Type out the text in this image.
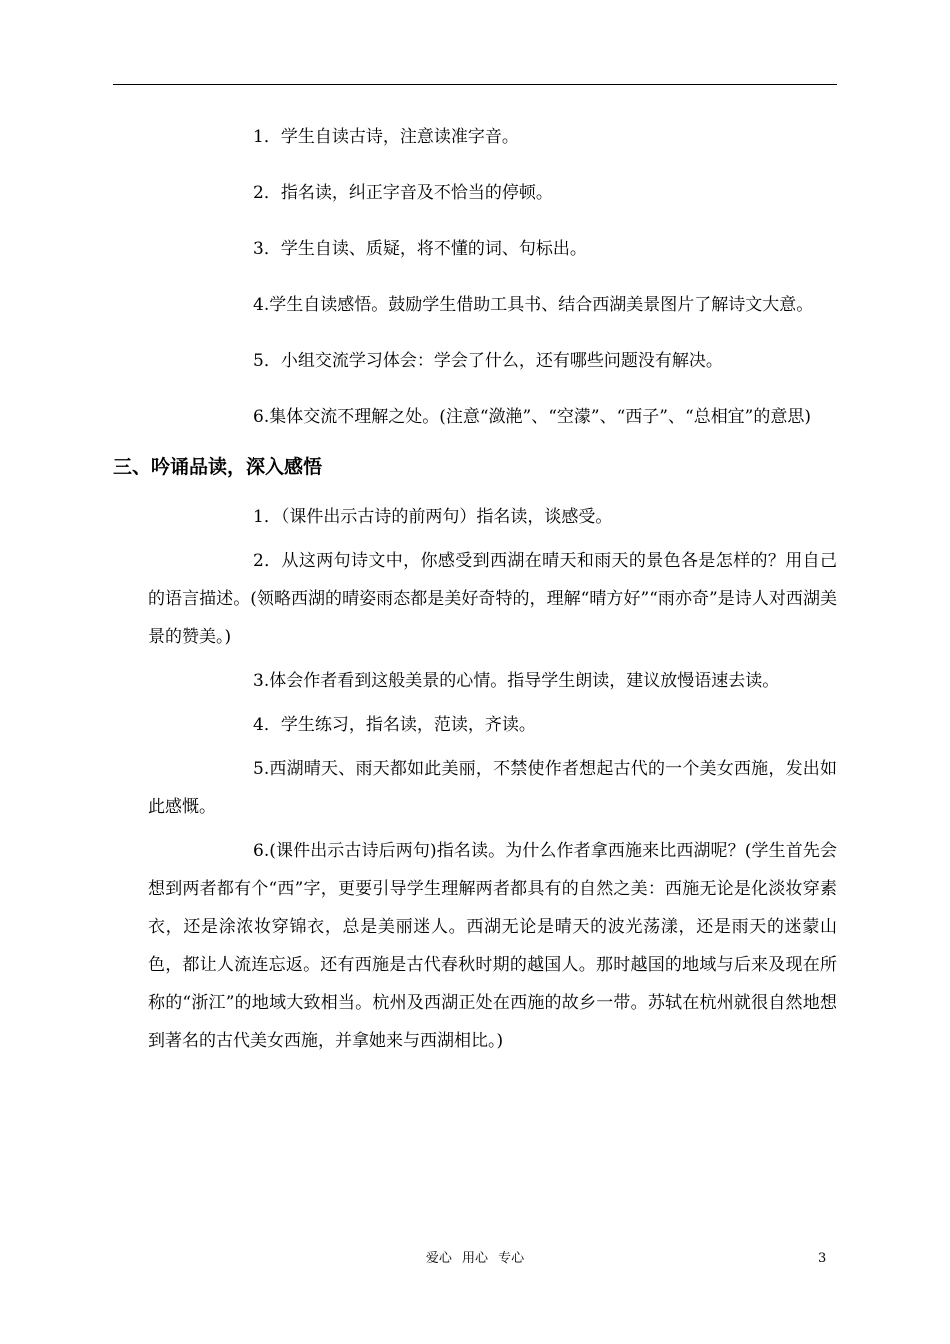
1．学生自读古诗，注意读准字音。

2．指名读，纠正字音及不恰当的停顿。

3．学生自读、质疑，将不懂的词、句标出。

4.学生自读感悟。鼓励学生借助工具书、结合西湖美景图片了解诗文大意。

5．小组交流学习体会：学会了什么，还有哪些问题没有解决。

6.集体交流不理解之处。(注意“潋滟”、“空濛”、“西子”、“总相宜”的意思)

三、吟诵品读，深入感悟

1．（课件出示古诗的前两句）指名读，谈感受。

2．从这两句诗文中，你感受到西湖在晴天和雨天的景色各是怎样的？用自己的语言描述。(领略西湖的晴姿雨态都是美好奇特的，理解“晴方好”“雨亦奇”是诗人对西湖美景的赞美。)

3.体会作者看到这般美景的心情。指导学生朗读，建议放慢语速去读。

4．学生练习，指名读，范读，齐读。

5.西湖晴天、雨天都如此美丽，不禁使作者想起古代的一个美女西施，发出如此感慨。

6.(课件出示古诗后两句)指名读。为什么作者拿西施来比西湖呢？(学生首先会想到两者都有个“西”字，更要引导学生理解两者都具有的自然之美：西施无论是化淡妆穿素衣，还是涂浓妆穿锦衣，总是美丽迷人。西湖无论是晴天的波光荡漾，还是雨天的迷蒙山色，都让人流连忘返。还有西施是古代春秋时期的越国人。那时越国的地域与后来及现在所称的“浙江”的地域大致相当。杭州及西湖正处在西施的故乡一带。苏轼在杭州就很自然地想到著名的古代美女西施，并拿她来与西湖相比。)

爱心 用心 专心	3
